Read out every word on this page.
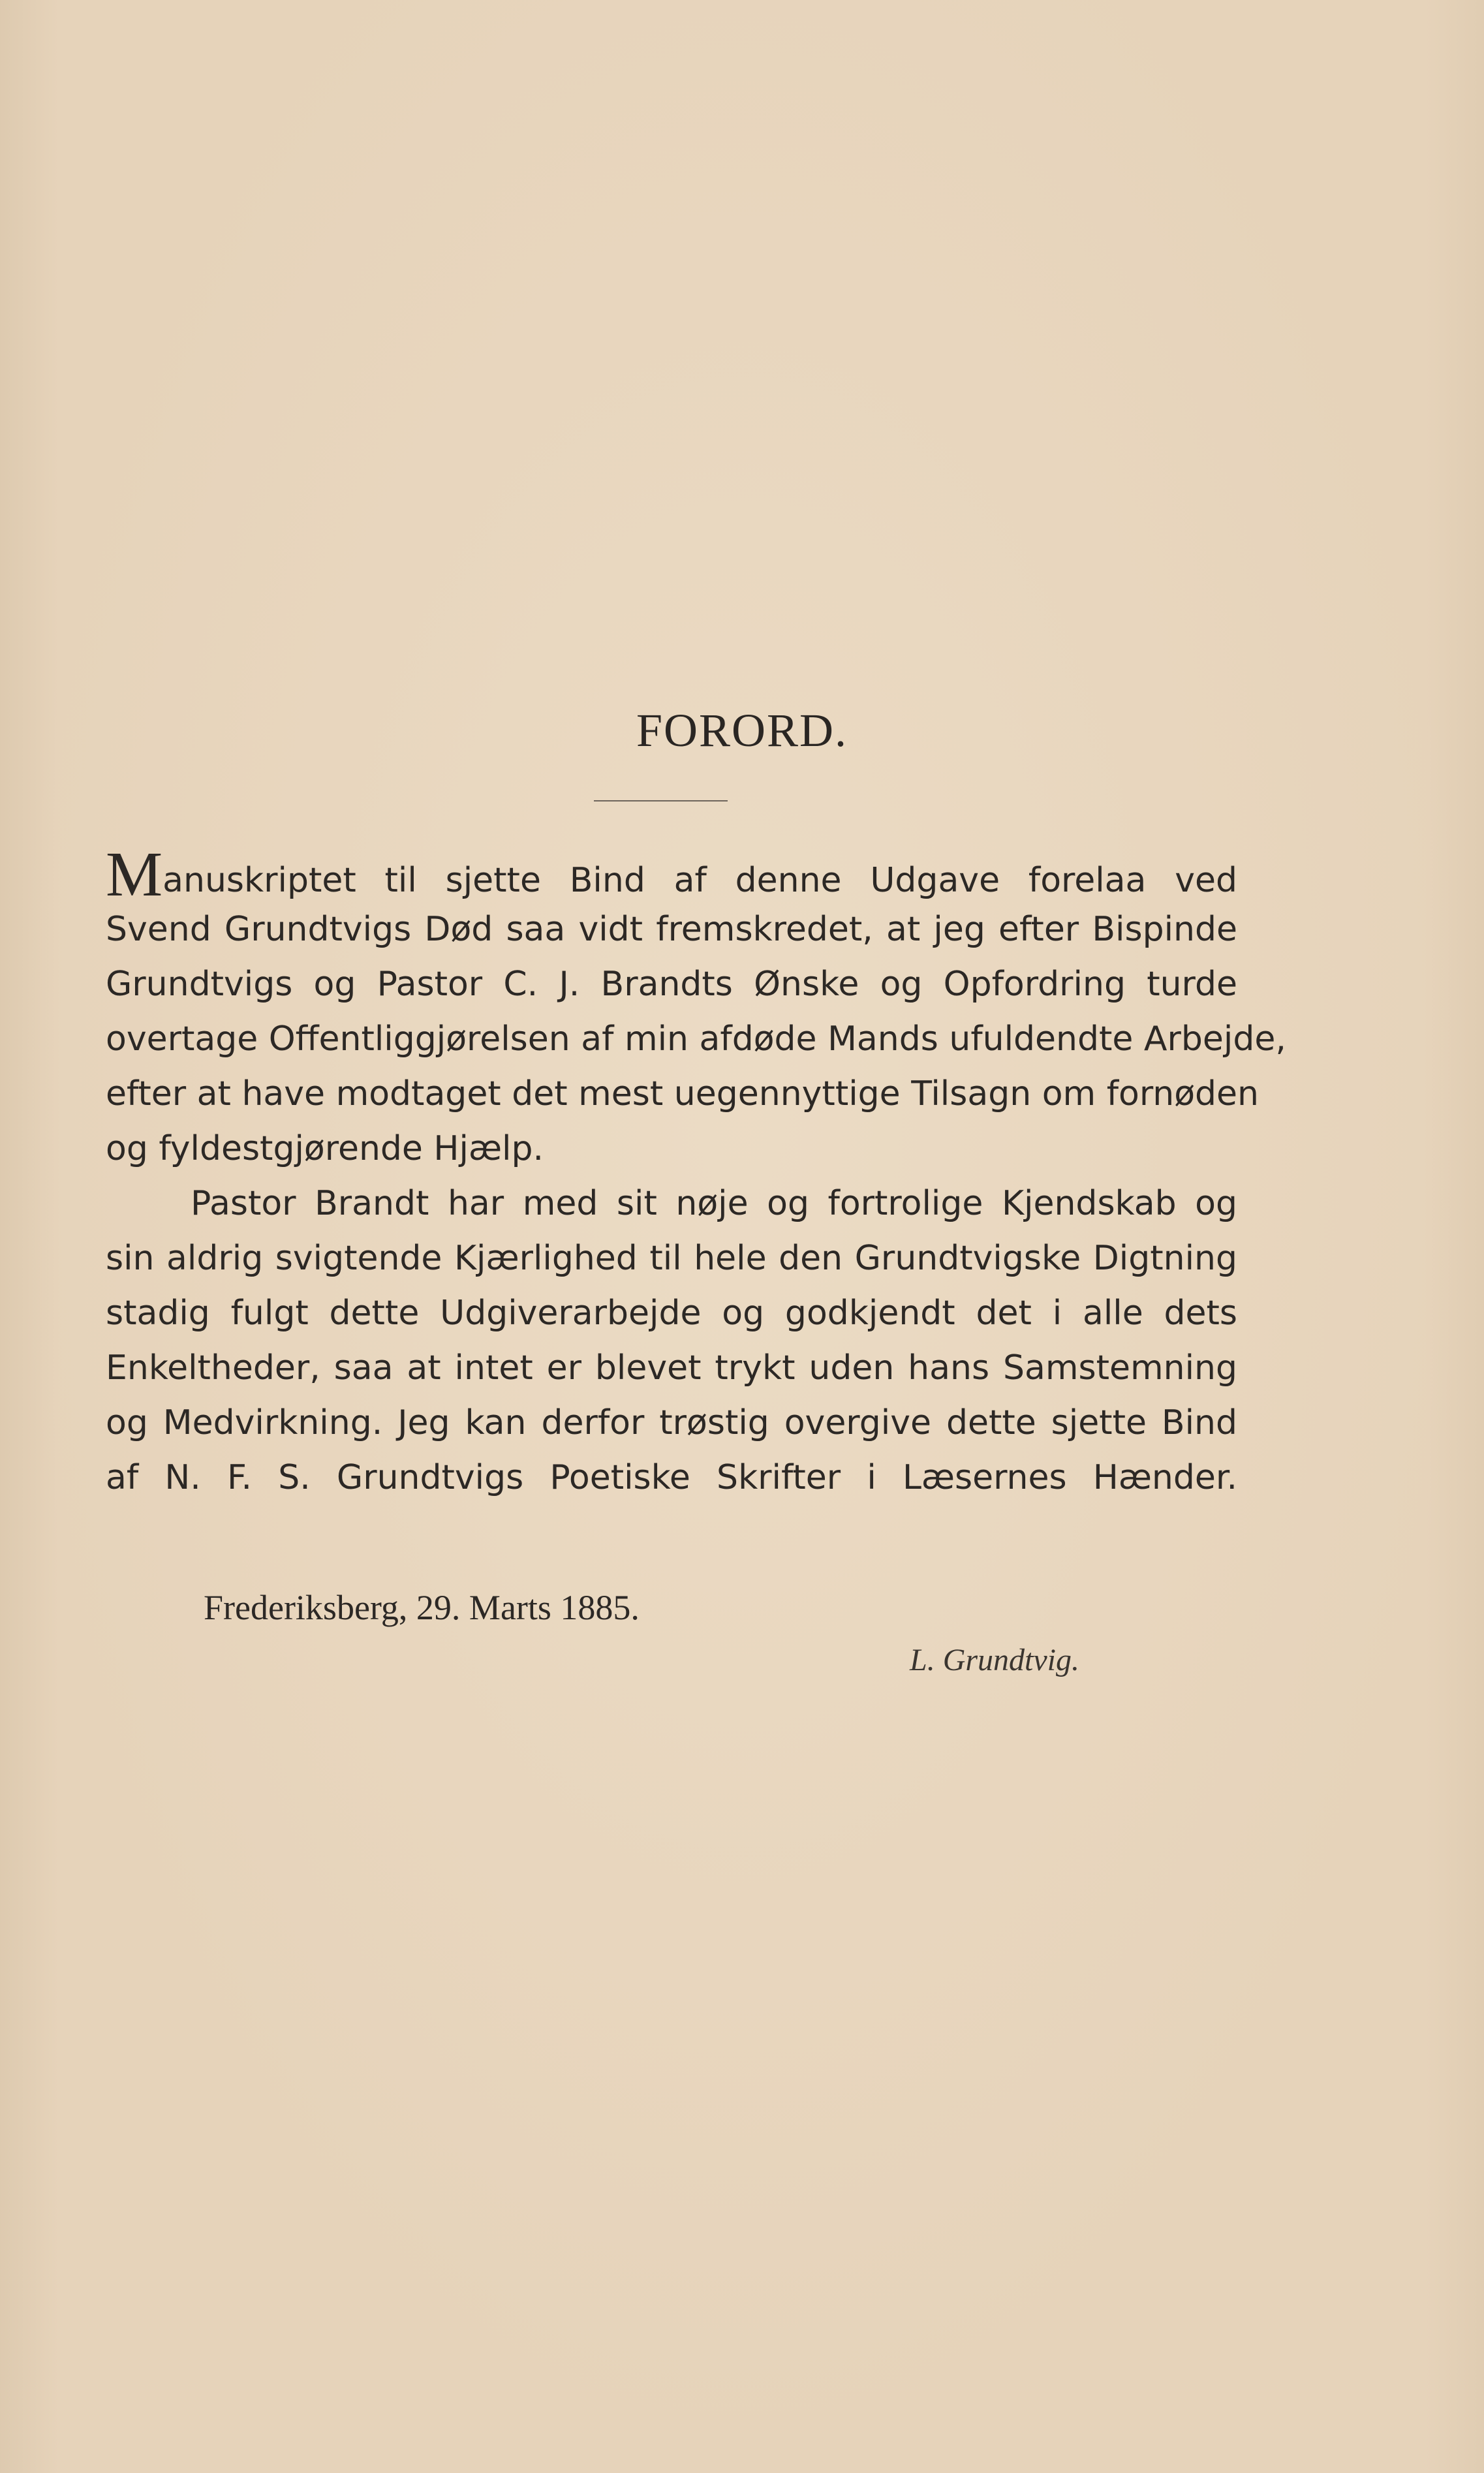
FORORD.
Manuskriptet til sjette Bind af denne Udgave forelaa ved
Svend Grundtvigs Død saa vidt fremskredet, at jeg efter Bispinde
Grundtvigs og Pastor C. J. Brandts Ønske og Opfordring turde
overtage Offentliggjørelsen af min afdøde Mands ufuldendte Arbejde,
efter at have modtaget det mest uegennyttige Tilsagn om fornøden
og fyldestgjørende Hjælp.
Pastor Brandt har med sit nøje og fortrolige Kjendskab og
sin aldrig svigtende Kjærlighed til hele den Grundtvigske Digtning
stadig fulgt dette Udgiverarbejde og godkjendt det i alle dets
Enkeltheder, saa at intet er blevet trykt uden hans Samstemning
og Medvirkning. Jeg kan derfor trøstig overgive dette sjette Bind
af N. F. S. Grundtvigs Poetiske Skrifter i Læsernes Hænder.
Frederiksberg, 29. Marts 1885.
L. Grundtvig.
